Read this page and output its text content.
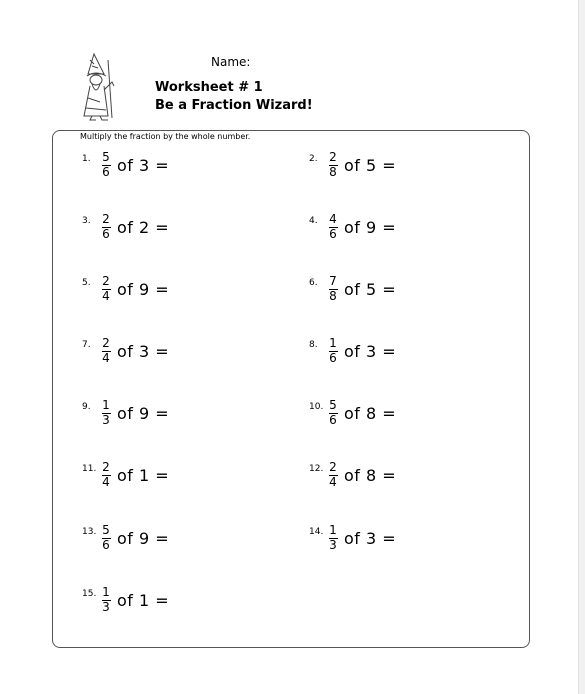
Name:
Worksheet # 1
Be a Fraction Wizard!
Multiply the fraction by the whole number.
1. $\frac{5}{6}$ of 3 =
3. $\frac{2}{6}$ of 2 =
5. $\frac{2}{4}$ of 9 =
7. $\frac{2}{4}$ of 3 =
9. $\frac{1}{3}$ of 9 =
11. $\frac{2}{4}$ of 1 =
13. $\frac{5}{6}$ of 9 =
15. $\frac{1}{3}$ of 1 =
2. $\frac{2}{8}$ of 5 =
4. $\frac{4}{6}$ of 9 =
6. $\frac{7}{8}$ of 5 =
8. $\frac{1}{6}$ of 3 =
10. $\frac{5}{6}$ of 8 =
12. $\frac{2}{4}$ of 8 =
14. $\frac{1}{3}$ of 3 =
